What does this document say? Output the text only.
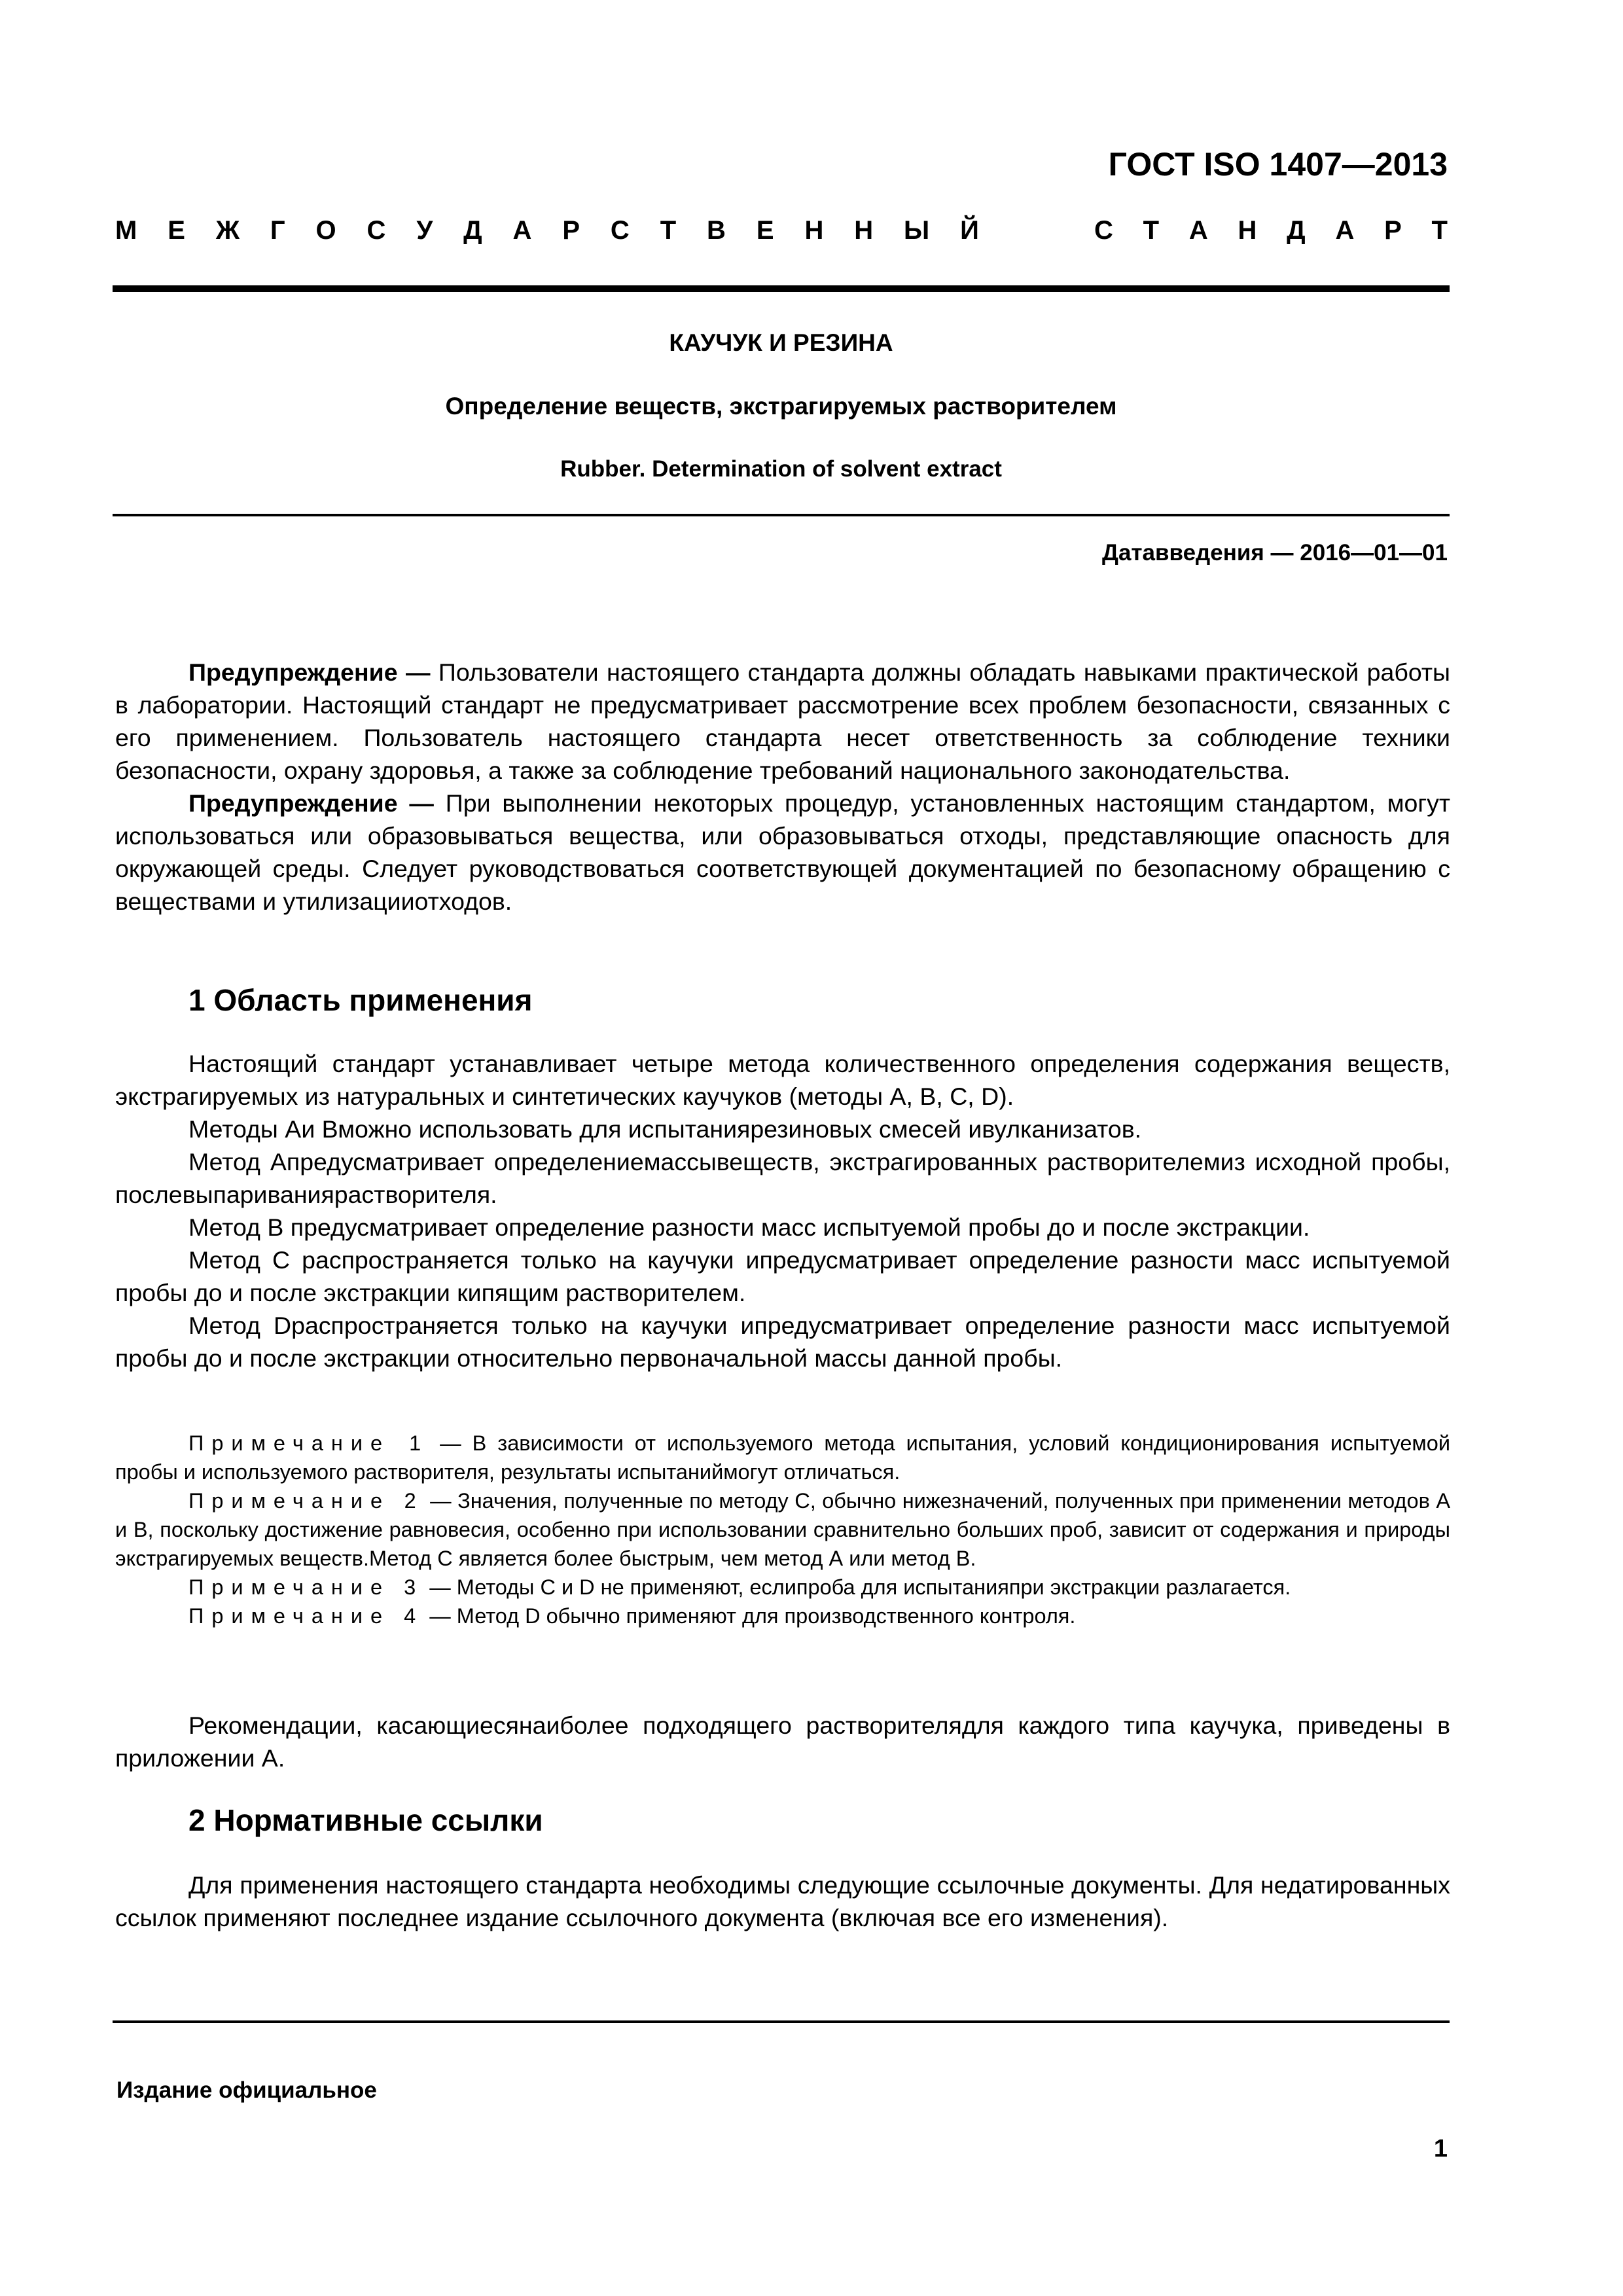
ГОСТ ISO 1407—2013
М Е Ж Г О С У Д А Р С Т В Е Н Н Ы Й	С Т А Н Д А Р Т
КАУЧУК И РЕЗИНА
Определение веществ, экстрагируемых растворителем
Rubber. Determination of solvent extract
Датавведения — 2016—01—01

Предупреждение — Пользователи настоящего стандарта должны обладать навыками практической работы в лаборатории. Настоящий стандарт не предусматривает рассмотрение всех проблем безопасности, связанных с его применением. Пользователь настоящего стандарта несет ответственность за соблюдение техники безопасности, охрану здоровья, а также за соблюдение требований национального законодательства.

Предупреждение — При выполнении некоторых процедур, установленных настоящим стандартом, могут использоваться или образовываться вещества, или образовываться отходы, представляющие опасность для окружающей среды. Следует руководствоваться соответствующей документацией по безопасному обращению с веществами и утилизацииотходов.

1 Область применения

Настоящий стандарт устанавливает четыре метода количественного определения содержания веществ, экстрагируемых из натуральных и синтетических каучуков (методы A, B, C, D).

Методы Аи Вможно использовать для испытаниярезиновых смесей ивулканизатов.

Метод Апредусматривает определениемассывеществ, экстрагированных растворителемиз исходной пробы, послевыпариваниярастворителя.

Метод В предусматривает определение разности масс испытуемой пробы до и после экстракции.

Метод С распространяется только на каучуки ипредусматривает определение разности масс испытуемой пробы до и после экстракции кипящим растворителем.

Метод Dраспространяется только на каучуки ипредусматривает определение разности масс испытуемой пробы до и после экстракции относительно первоначальной массы данной пробы.

Примечание 1 — В зависимости от используемого метода испытания, условий кондиционирования испытуемой пробы и используемого растворителя, результаты испытаниймогут отличаться.

Примечание 2 — Значения, полученные по методу С, обычно нижезначений, полученных при применении методов А и В, поскольку достижение равновесия, особенно при использовании сравнительно больших проб, зависит от содержания и природы экстрагируемых веществ.Метод С является более быстрым, чем метод А или метод В.

Примечание 3 — Методы С и D не применяют, еслипроба для испытанияпри экстракции разлагается.

Примечание 4 — Метод D обычно применяют для производственного контроля.

Рекомендации, касающиесянаиболее подходящего растворителядля каждого типа каучука, приведены в приложении А.

2 Нормативные ссылки

Для применения настоящего стандарта необходимы следующие ссылочные документы. Для недатированных ссылок применяют последнее издание ссылочного документа (включая все его изменения).

Издание официальное
1
